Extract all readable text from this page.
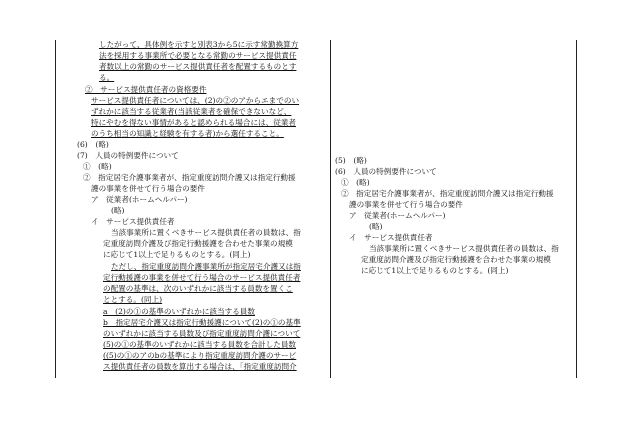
したがって、具体例を示すと別表3から5に示す常勤換算方
法を採用する事業所で必要となる常勤のサービス提供責任
者数以上の常勤のサービス提供責任者を配置するものとす
る。
②　サービス提供責任者の資格要件
サービス提供責任者については、(2)の②のアからエまでのい
ずれかに該当する従業者(当該従業者を確保できないなど、
特にやむを得ない事情があると認められる場合には、従業者
のうち相当の知識と経験を有する者)から選任すること。
(6)　(略)
(7)　人員の特例要件について
①　(略)
②　指定居宅介護事業者が、指定重度訪問介護又は指定行動援
護の事業を併せて行う場合の要件
ア　従業者(ホームヘルパー)
(略)
イ　サービス提供責任者
当該事業所に置くべきサービス提供責任者の員数は、指
定重度訪問介護及び指定行動援護を合わせた事業の規模
に応じて1以上で足りるものとする。(同上)
ただし、指定重度訪問介護事業所が指定居宅介護又は指
定行動援護の事業を併せて行う場合のサービス提供責任者
の配置の基準は、次のいずれかに該当する員数を置くこ
ととする。(同上)
a　(2)の①の基準のいずれかに該当する員数
b　指定居宅介護又は指定行動援護について(2)の①の基準
のいずれかに該当する員数及び指定重度訪問介護について
(5)の①の基準のいずれかに該当する員数を合計した員数
((5)の①のアのbの基準により指定重度訪問介護のサービ
ス提供責任者の員数を算出する場合は、「指定重度訪問介
(5)　(略)
(6)　人員の特例要件について
①　(略)
②　指定居宅介護事業者が、指定重度訪問介護又は指定行動援
護の事業を併せて行う場合の要件
ア　従業者(ホームヘルパー)
(略)
イ　サービス提供責任者
当該事業所に置くべきサービス提供責任者の員数は、指
定重度訪問介護及び指定行動援護を合わせた事業の規模
に応じて1以上で足りるものとする。(同上)
